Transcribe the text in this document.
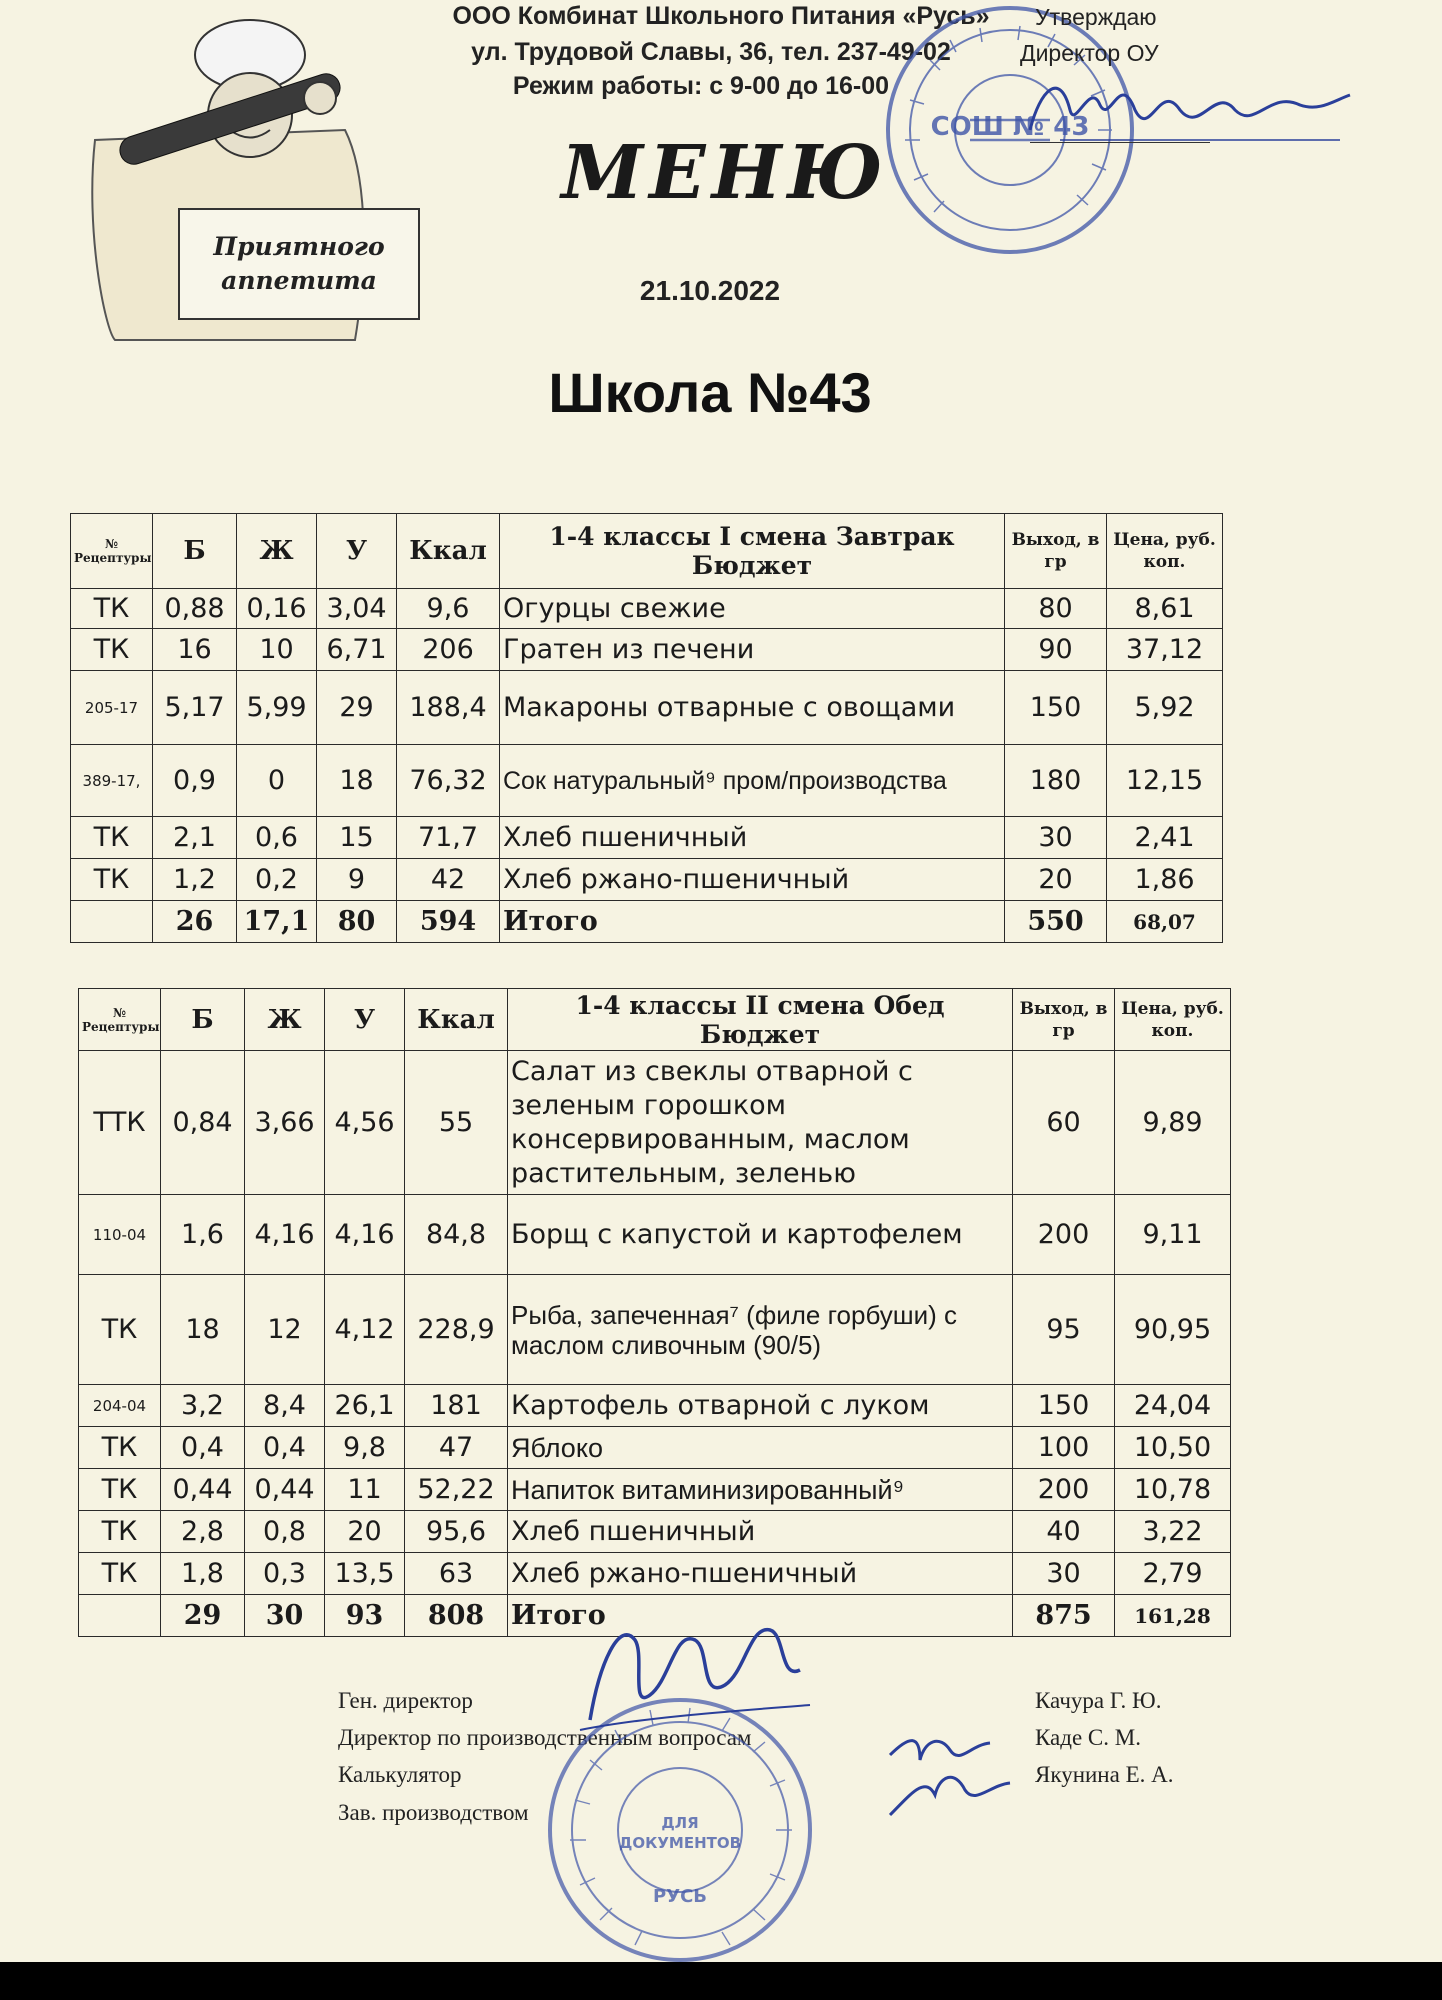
ООО Комбинат Школьного Питания «Русь»
ул. Трудовой Славы, 36, тел. 237-49-02
Режим работы: с 9-00 до 16-00
СОШ № 43
Утверждаю
Директор ОУ
Приятного
аппетита
МЕНЮ
21.10.2022
Школа №43
№ Рецептуры	Б	Ж	У	Ккал	1-4 классы I смена Завтрак Бюджет	Выход, в гр	Цена, руб. коп.
ТК	0,88	0,16	3,04	9,6	Огурцы свежие	80	8,61
ТК	16	10	6,71	206	Гратен из печени	90	37,12
205-17	5,17	5,99	29	188,4	Макароны отварные с овощами	150	5,92
389-17,	0,9	0	18	76,32	Сок натуральный⁹ пром/производства	180	12,15
ТК	2,1	0,6	15	71,7	Хлеб пшеничный	30	2,41
ТК	1,2	0,2	9	42	Хлеб ржано-пшеничный	20	1,86
	26	17,1	80	594	Итого	550	68,07
№ Рецептуры	Б	Ж	У	Ккал	1-4 классы II смена Обед Бюджет	Выход, в гр	Цена, руб. коп.
ТТК	0,84	3,66	4,56	55	Салат из свеклы отварной с зеленым горошком консервированным, маслом растительным, зеленью	60	9,89
110-04	1,6	4,16	4,16	84,8	Борщ с капустой и картофелем	200	9,11
ТК	18	12	4,12	228,9	Рыба, запеченная⁷ (филе горбуши) с маслом сливочным (90/5)	95	90,95
204-04	3,2	8,4	26,1	181	Картофель отварной с луком	150	24,04
ТК	0,4	0,4	9,8	47	Яблоко	100	10,50
ТК	0,44	0,44	11	52,22	Напиток витаминизированный⁹	200	10,78
ТК	2,8	0,8	20	95,6	Хлеб пшеничный	40	3,22
ТК	1,8	0,3	13,5	63	Хлеб ржано-пшеничный	30	2,79
	29	30	93	808	Итого	875	161,28
Ген. директор
Директор по производственным вопросам
Калькулятор
Зав. производством
Качура Г. Ю.
Каде С. М.
Якунина Е. А.
ДЛЯ
ДОКУМЕНТОВ
РУСЬ
